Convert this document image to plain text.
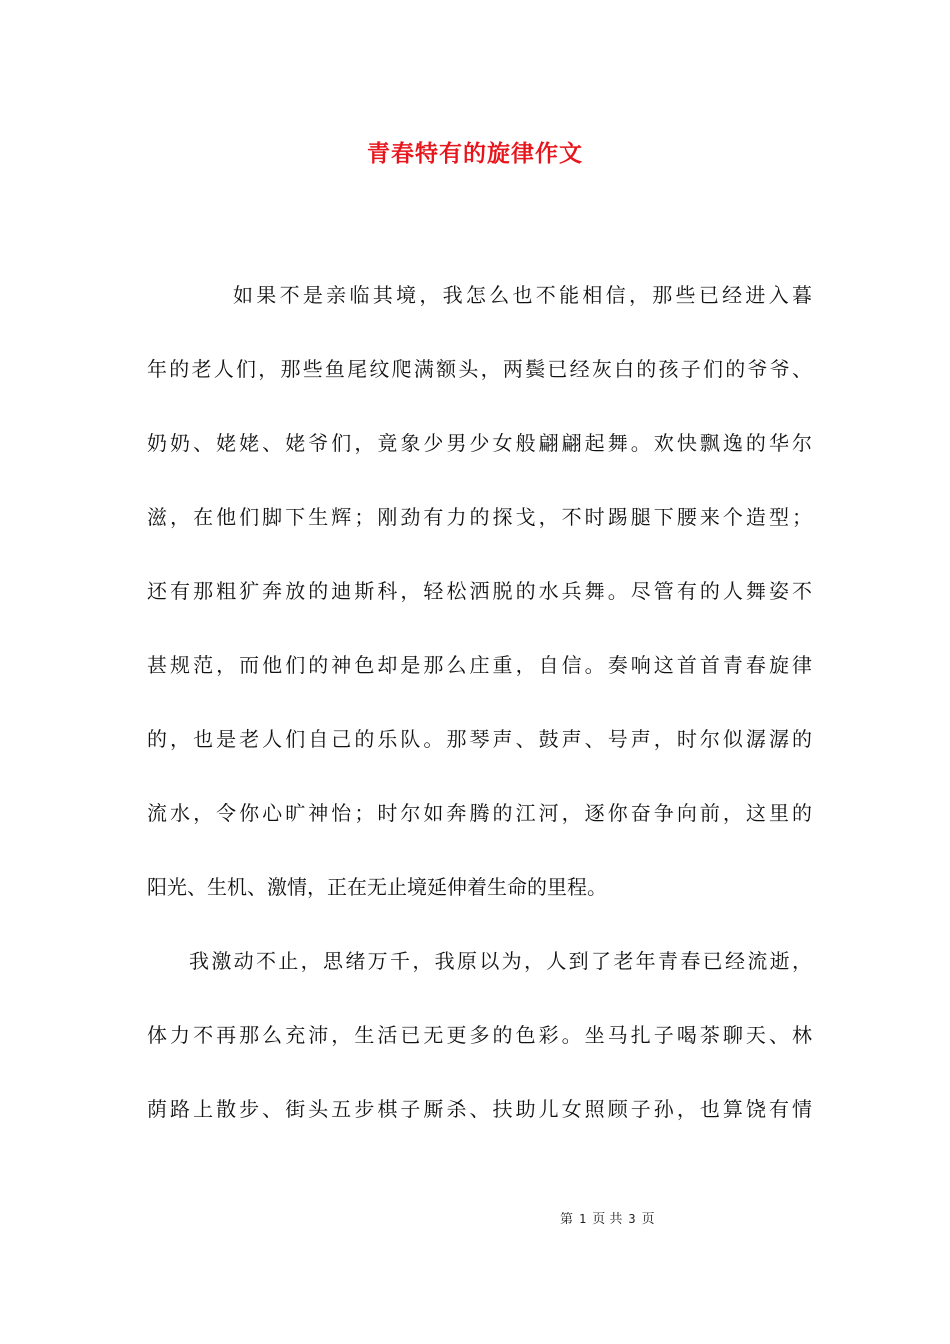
青春特有的旋律作文
如果不是亲临其境，我怎么也不能相信，那些已经进入暮
年的老人们，那些鱼尾纹爬满额头，两鬓已经灰白的孩子们的爷爷、
奶奶、姥姥、姥爷们，竟象少男少女般翩翩起舞。欢快飘逸的华尔
滋，在他们脚下生辉；刚劲有力的探戈，不时踢腿下腰来个造型；
还有那粗犷奔放的迪斯科，轻松洒脱的水兵舞。尽管有的人舞姿不
甚规范，而他们的神色却是那么庄重，自信。奏响这首首青春旋律
的，也是老人们自己的乐队。那琴声、鼓声、号声，时尔似潺潺的
流水，令你心旷神怡；时尔如奔腾的江河，逐你奋争向前，这里的
阳光、生机、激情，正在无止境延伸着生命的里程。
我激动不止，思绪万千，我原以为，人到了老年青春已经流逝，
体力不再那么充沛，生活已无更多的色彩。坐马扎子喝茶聊天、林
荫路上散步、街头五步棋子厮杀、扶助儿女照顾子孙，也算饶有情
第 1 页 共 3 页
